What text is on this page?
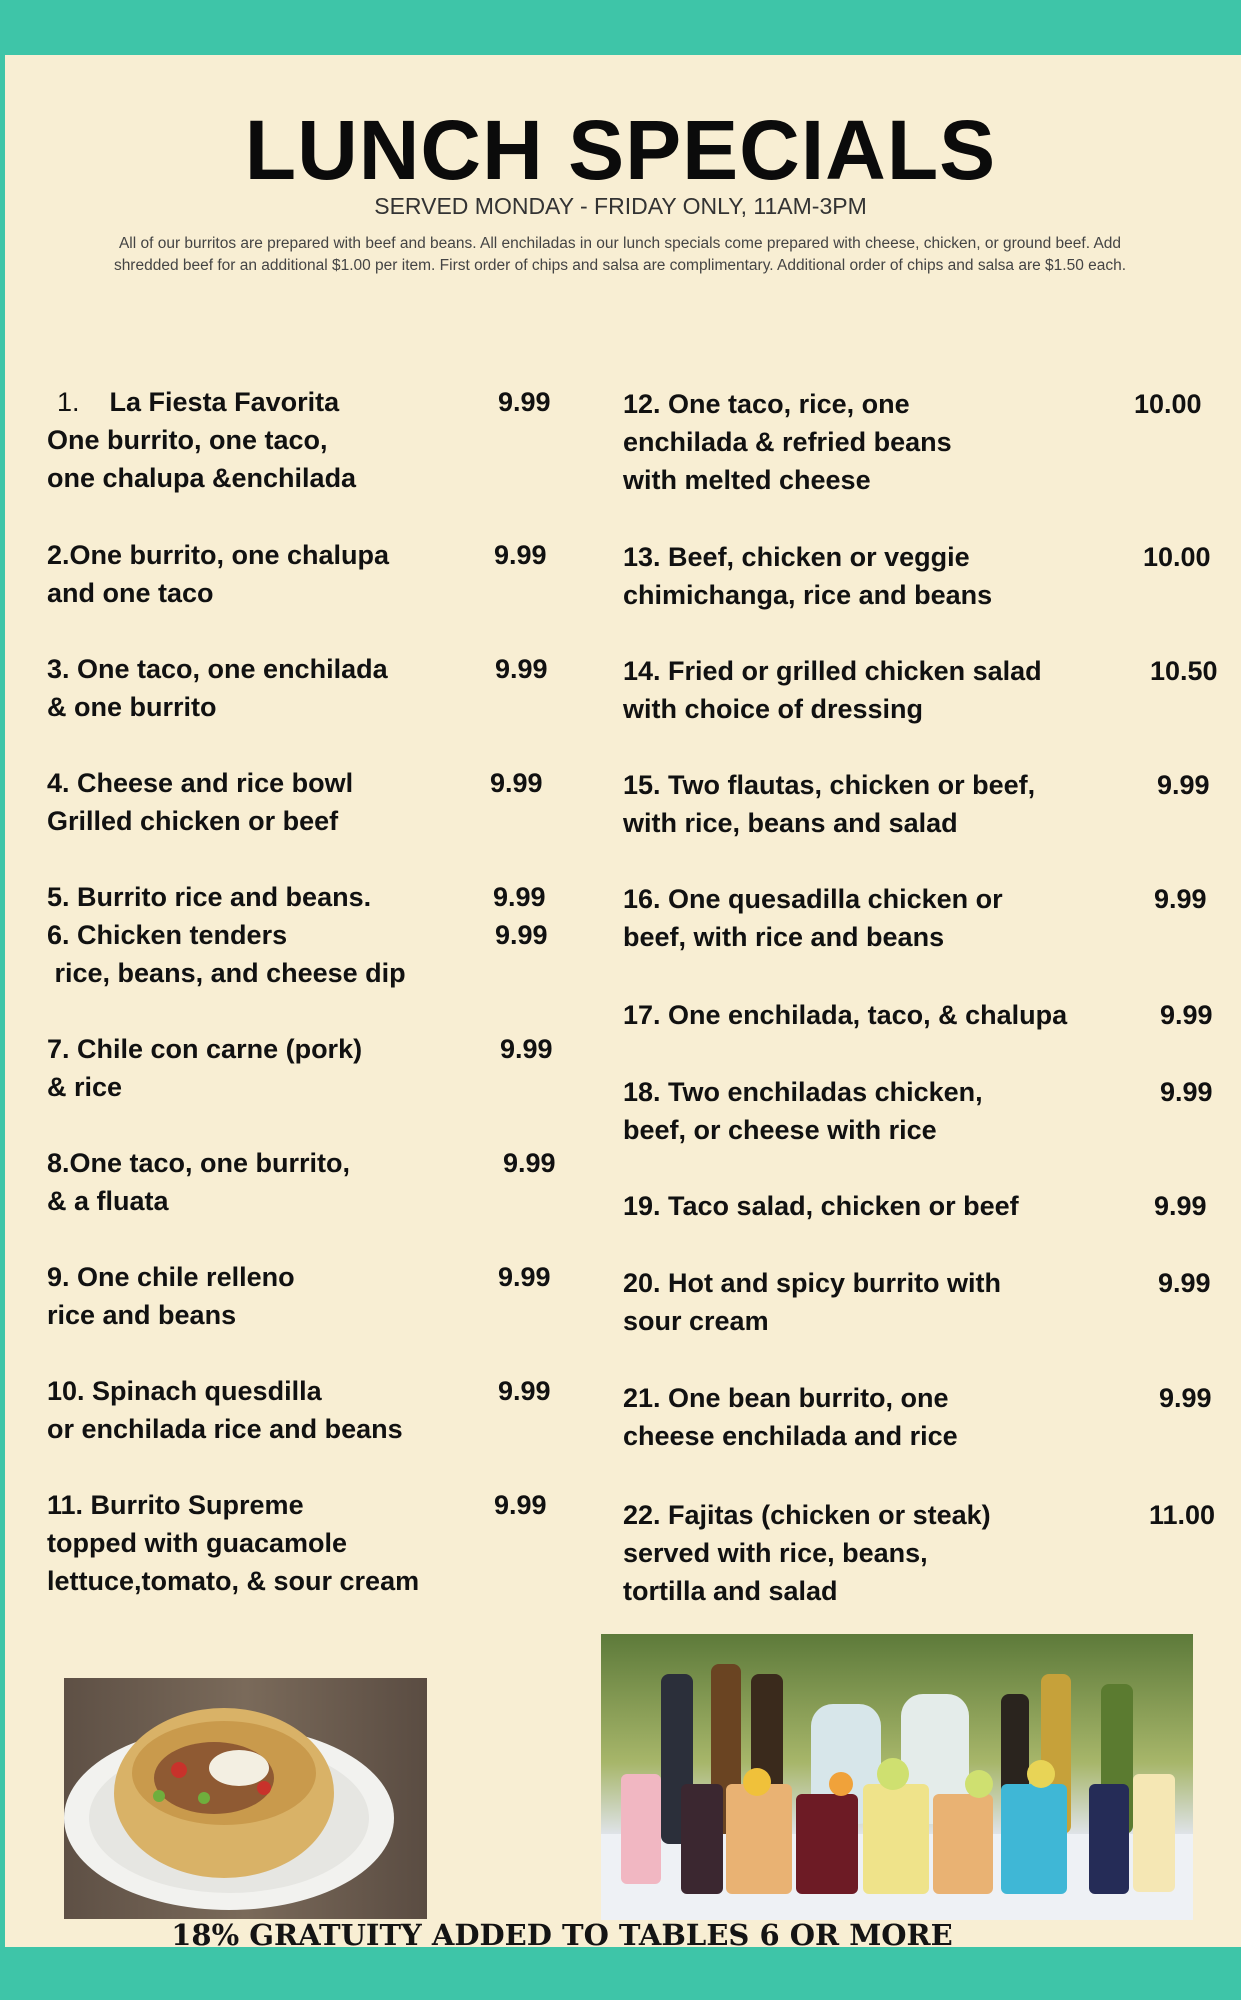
LUNCH SPECIALS
SERVED MONDAY - FRIDAY ONLY, 11AM-3PM
All of our burritos are prepared with beef and beans. All enchiladas in our lunch specials come prepared with cheese, chicken, or ground beef. Add shredded beef for an additional $1.00 per item. First order of chips and salsa are complimentary. Additional order of chips and salsa are $1.50 each.
1. La Fiesta Favorita
One burrito, one taco,
one chalupa &enchilada
9.99
2.One burrito, one chalupa
and one taco
9.99
3. One taco, one enchilada
& one burrito
9.99
4. Cheese and rice bowl
Grilled chicken or beef
9.99
5. Burrito rice and beans.	9.99
6. Chicken tenders
rice, beans, and cheese dip
9.99
7. Chile con carne (pork)
& rice
9.99
8.One taco, one burrito,
& a fluata
9.99
9. One chile relleno
rice and beans
9.99
10. Spinach quesdilla
or enchilada rice and beans
9.99
11. Burrito Supreme
topped with guacamole
lettuce,tomato, & sour cream
9.99
12. One taco, rice, one
enchilada & refried beans
with melted cheese
10.00
13. Beef, chicken or veggie
chimichanga, rice and beans
10.00
14. Fried or grilled chicken salad
with choice of dressing
10.50
15. Two flautas, chicken or beef,
with rice, beans and salad
9.99
16. One quesadilla chicken or
beef, with rice and beans
9.99
17. One enchilada, taco, & chalupa	9.99
18. Two enchiladas chicken,
beef, or cheese with rice
9.99
19. Taco salad, chicken or beef	9.99
20. Hot and spicy burrito with
sour cream
9.99
21. One bean burrito, one
cheese enchilada and rice
9.99
22. Fajitas (chicken or steak)
served with rice, beans,
tortilla and salad
11.00
18% GRATUITY ADDED TO TABLES 6 OR MORE
